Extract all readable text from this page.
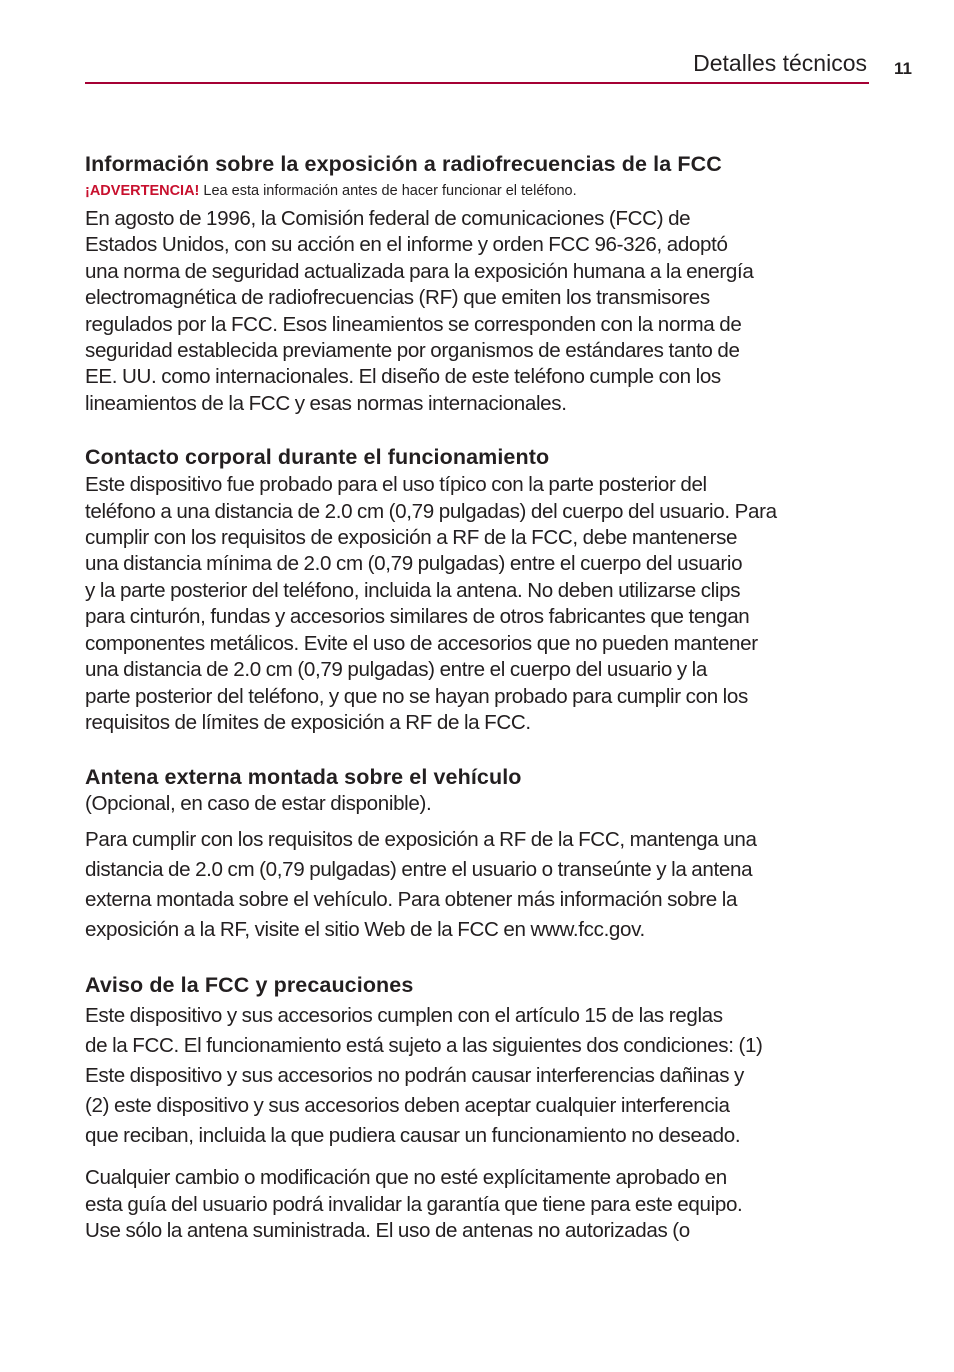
Detalles técnicos 11
Información sobre la exposición a radiofrecuencias de la FCC
¡ADVERTENCIA! Lea esta información antes de hacer funcionar el teléfono.

En agosto de 1996, la Comisión federal de comunicaciones (FCC) de
Estados Unidos, con su acción en el informe y orden FCC 96-326, adoptó
una norma de seguridad actualizada para la exposición humana a la energía
electromagnética de radiofrecuencias (RF) que emiten los transmisores
regulados por la FCC. Esos lineamientos se corresponden con la norma de
seguridad establecida previamente por organismos de estándares tanto de
EE. UU. como internacionales. El diseño de este teléfono cumple con los
lineamientos de la FCC y esas normas internacionales.

Contacto corporal durante el funcionamiento

Este dispositivo fue probado para el uso típico con la parte posterior del
teléfono a una distancia de 2.0 cm (0,79 pulgadas) del cuerpo del usuario. Para
cumplir con los requisitos de exposición a RF de la FCC, debe mantenerse
una distancia mínima de 2.0 cm (0,79 pulgadas) entre el cuerpo del usuario
y la parte posterior del teléfono, incluida la antena. No deben utilizarse clips
para cinturón, fundas y accesorios similares de otros fabricantes que tengan
componentes metálicos. Evite el uso de accesorios que no pueden mantener
una distancia de 2.0 cm (0,79 pulgadas) entre el cuerpo del usuario y la
parte posterior del teléfono, y que no se hayan probado para cumplir con los
requisitos de límites de exposición a RF de la FCC.

Antena externa montada sobre el vehículo

(Opcional, en caso de estar disponible).

Para cumplir con los requisitos de exposición a RF de la FCC, mantenga una
distancia de 2.0 cm (0,79 pulgadas) entre el usuario o transeúnte y la antena
externa montada sobre el vehículo. Para obtener más información sobre la
exposición a la RF, visite el sitio Web de la FCC en www.fcc.gov.

Aviso de la FCC y precauciones

Este dispositivo y sus accesorios cumplen con el artículo 15 de las reglas
de la FCC. El funcionamiento está sujeto a las siguientes dos condiciones: (1)
Este dispositivo y sus accesorios no podrán causar interferencias dañinas y
(2) este dispositivo y sus accesorios deben aceptar cualquier interferencia
que reciban, incluida la que pudiera causar un funcionamiento no deseado.

Cualquier cambio o modificación que no esté explícitamente aprobado en
esta guía del usuario podrá invalidar la garantía que tiene para este equipo.
Use sólo la antena suministrada. El uso de antenas no autorizadas (o
